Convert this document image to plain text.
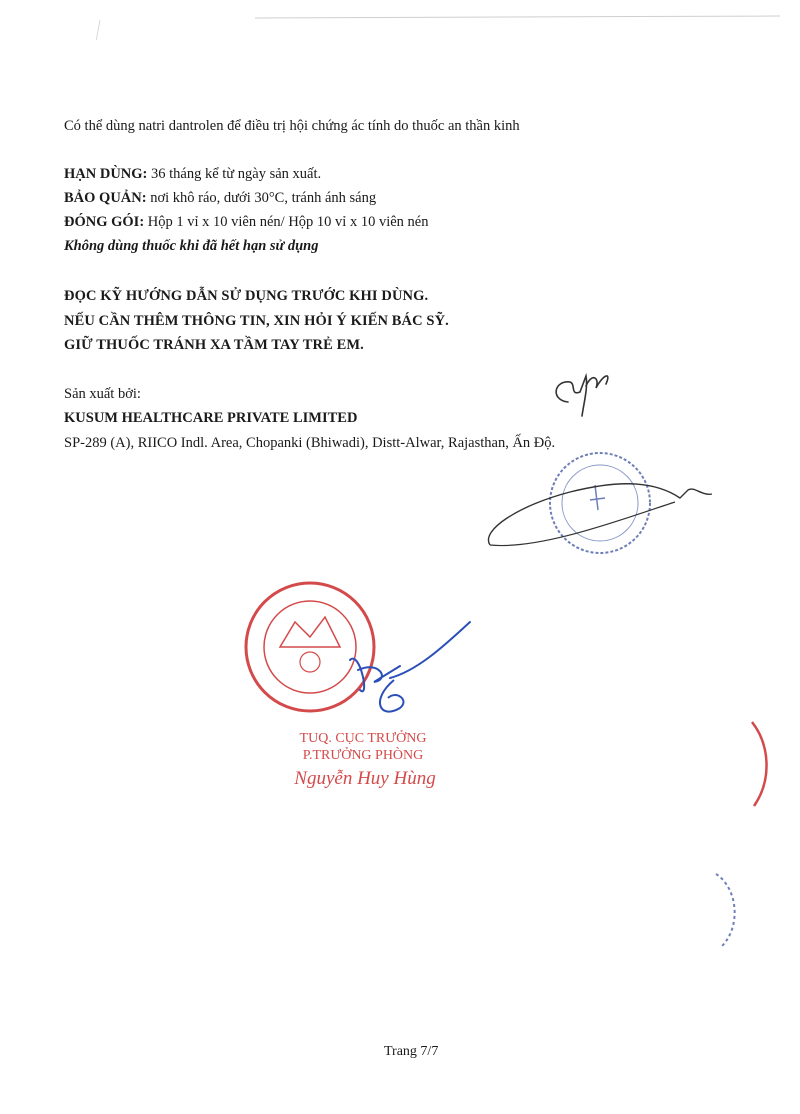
Có thể dùng natri dantrolen để điều trị hội chứng ác tính do thuốc an thần kinh
HẠN DÙNG: 36 tháng kể từ ngày sản xuất.
BẢO QUẢN: nơi khô ráo, dưới 30°C, tránh ánh sáng
ĐÓNG GÓI: Hộp 1 vỉ x 10 viên nén/ Hộp 10 vỉ x 10 viên nén
Không dùng thuốc khi đã hết hạn sử dụng
ĐỌC KỸ HƯỚNG DẪN SỬ DỤNG TRƯỚC KHI DÙNG.
NẾU CẦN THÊM THÔNG TIN, XIN HỎI Ý KIẾN BÁC SỸ.
GIỮ THUỐC TRÁNH XA TẦM TAY TRẺ EM.
Sản xuất bởi:
KUSUM HEALTHCARE PRIVATE LIMITED
SP-289 (A), RIICO Indl. Area, Chopanki (Bhiwadi), Distt-Alwar, Rajasthan, Ấn Độ.
TUQ. CỤC TRƯỞNG
P.TRƯỞNG PHÒNG
Nguyễn Huy Hùng
Trang 7/7
